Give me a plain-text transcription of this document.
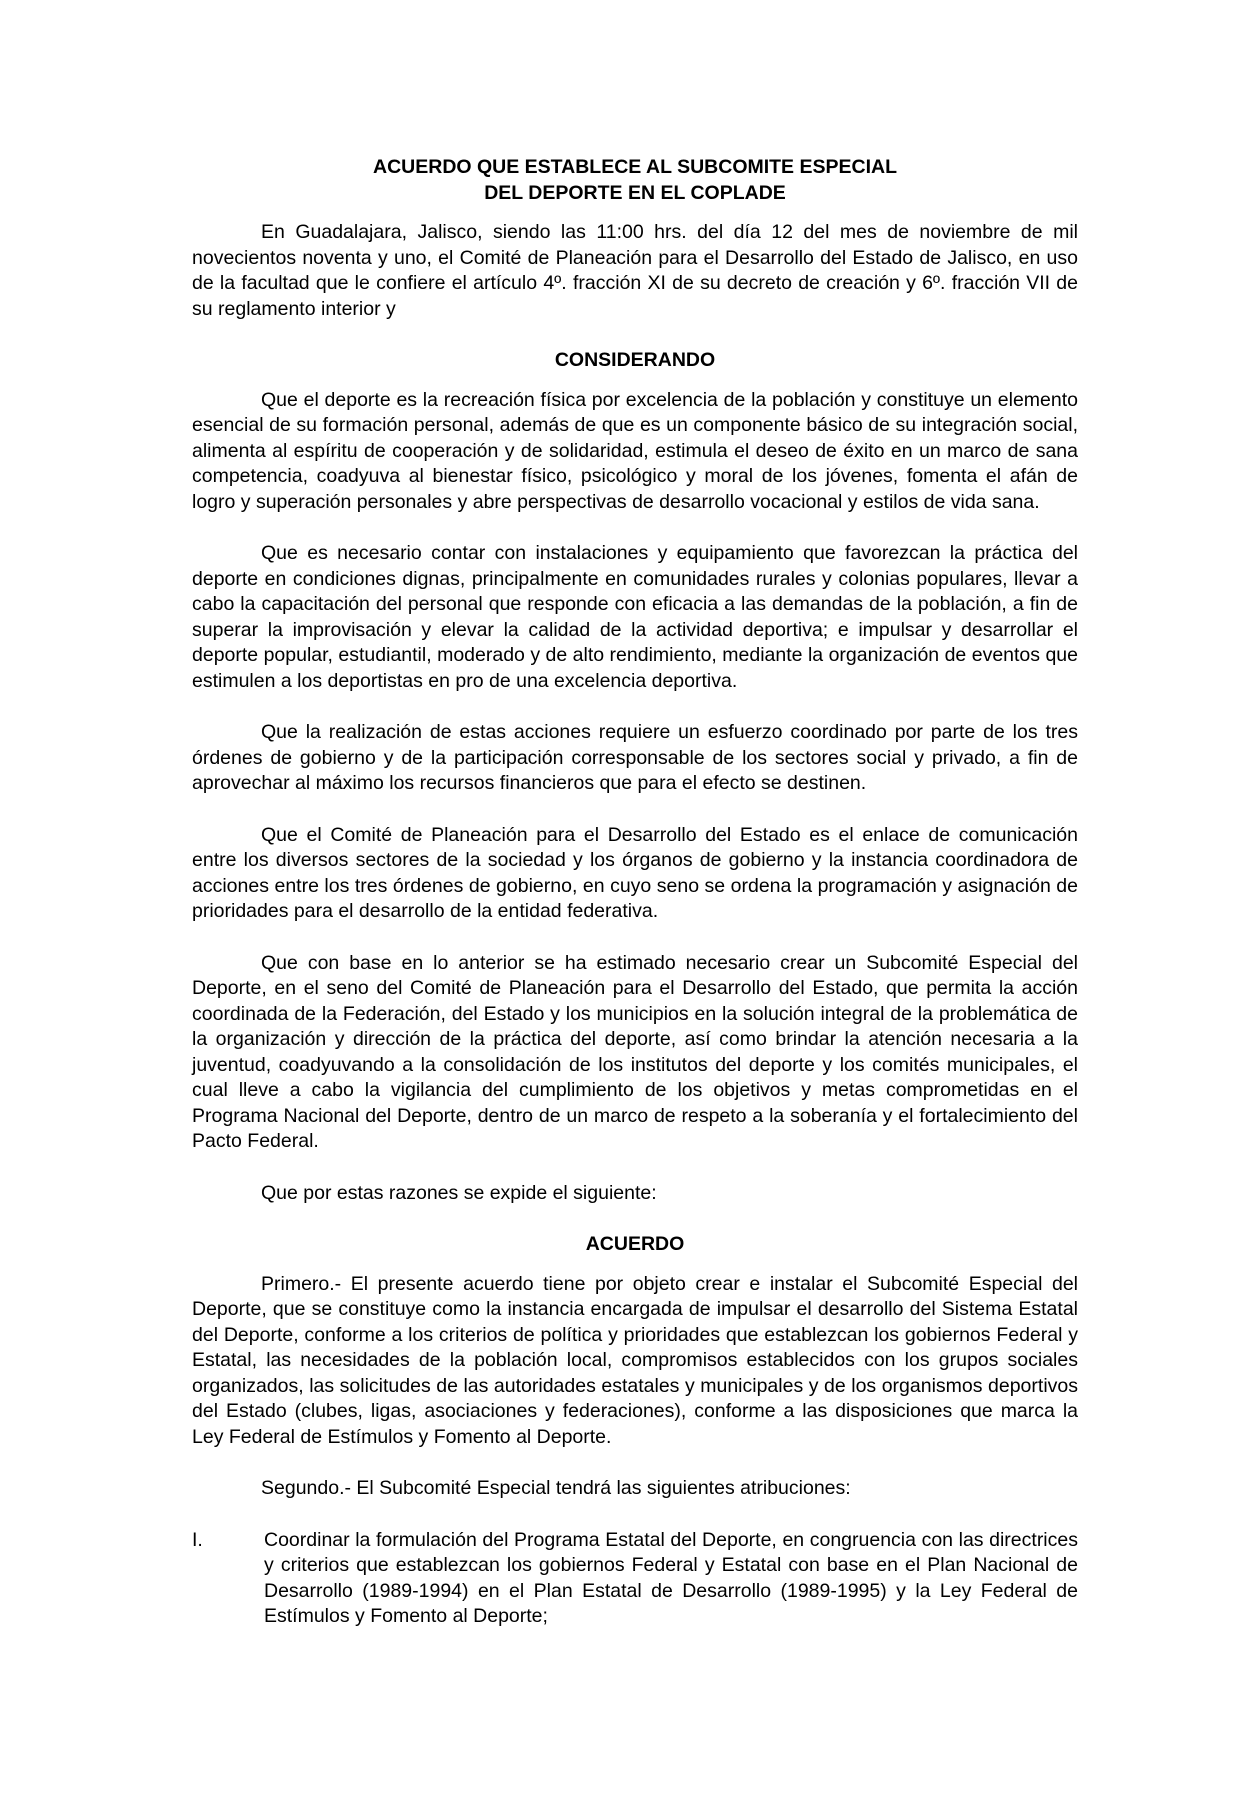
ACUERDO QUE ESTABLECE AL SUBCOMITE ESPECIAL

DEL DEPORTE EN EL COPLADE

En Guadalajara, Jalisco, siendo las 11:00 hrs. del día 12 del mes de noviembre de mil novecientos noventa y uno, el Comité de Planeación para el Desarrollo del Estado de Jalisco, en uso de la facultad que le confiere el artículo 4º. fracción XI de su decreto de creación y 6º. fracción VII de su reglamento interior y

CONSIDERANDO

Que el deporte es la recreación física por excelencia de la población y constituye un elemento esencial de su formación personal, además de que es un componente básico de su integración social, alimenta al espíritu de cooperación y de solidaridad, estimula el deseo de éxito en un marco de sana competencia, coadyuva al bienestar físico, psicológico y moral de los jóvenes, fomenta el afán de logro y superación personales y abre perspectivas de desarrollo vocacional y estilos de vida sana.

Que es necesario contar con instalaciones y equipamiento que favorezcan la práctica del deporte en condiciones dignas, principalmente en comunidades rurales y colonias populares, llevar a cabo la capacitación del personal que responde con eficacia a las demandas de la población, a fin de superar la improvisación y elevar la calidad de la actividad deportiva; e impulsar y desarrollar el deporte popular, estudiantil, moderado y de alto rendimiento, mediante la organización de eventos que estimulen a los deportistas en pro de una excelencia deportiva.

Que la realización de estas acciones requiere un esfuerzo coordinado por parte de los tres órdenes de gobierno y de la participación corresponsable de los sectores social y privado, a fin de aprovechar al máximo los recursos financieros que para el efecto se destinen.

Que el Comité de Planeación para el Desarrollo del Estado es el enlace de comunicación entre los diversos sectores de la sociedad y los órganos de gobierno y la instancia coordinadora de acciones entre los tres órdenes de gobierno, en cuyo seno se ordena la programación y asignación de prioridades para el desarrollo de la entidad federativa.

Que con base en lo anterior se ha estimado necesario crear un Subcomité Especial del Deporte, en el seno del Comité de Planeación para el Desarrollo del Estado, que permita la acción coordinada de la Federación, del Estado y los municipios en la solución integral de la problemática de la organización y dirección de la práctica del deporte, así como brindar la atención necesaria a la juventud, coadyuvando a la consolidación de los institutos del deporte y los comités municipales, el cual lleve a cabo la vigilancia del cumplimiento de los objetivos y metas comprometidas en el Programa Nacional del Deporte, dentro de un marco de respeto a la soberanía y el fortalecimiento del Pacto Federal.

Que por estas razones se expide el siguiente:

ACUERDO

Primero.- El presente acuerdo tiene por objeto crear e instalar el Subcomité Especial del Deporte, que se constituye como la instancia encargada de impulsar el desarrollo del Sistema Estatal del Deporte, conforme a los criterios de política y prioridades que establezcan los gobiernos Federal y Estatal, las necesidades de la población local, compromisos establecidos con los grupos sociales organizados, las solicitudes de las autoridades estatales y municipales y de los organismos deportivos del Estado (clubes, ligas, asociaciones y federaciones), conforme a las disposiciones que marca la Ley Federal de Estímulos y Fomento al Deporte.

Segundo.- El Subcomité Especial tendrá las siguientes atribuciones:

I.	Coordinar la formulación del Programa Estatal del Deporte, en congruencia con las directrices y criterios que establezcan los gobiernos Federal y Estatal con base en el Plan Nacional de Desarrollo (1989-1994) en el Plan Estatal de Desarrollo (1989-1995) y la Ley Federal de Estímulos y Fomento al Deporte;
